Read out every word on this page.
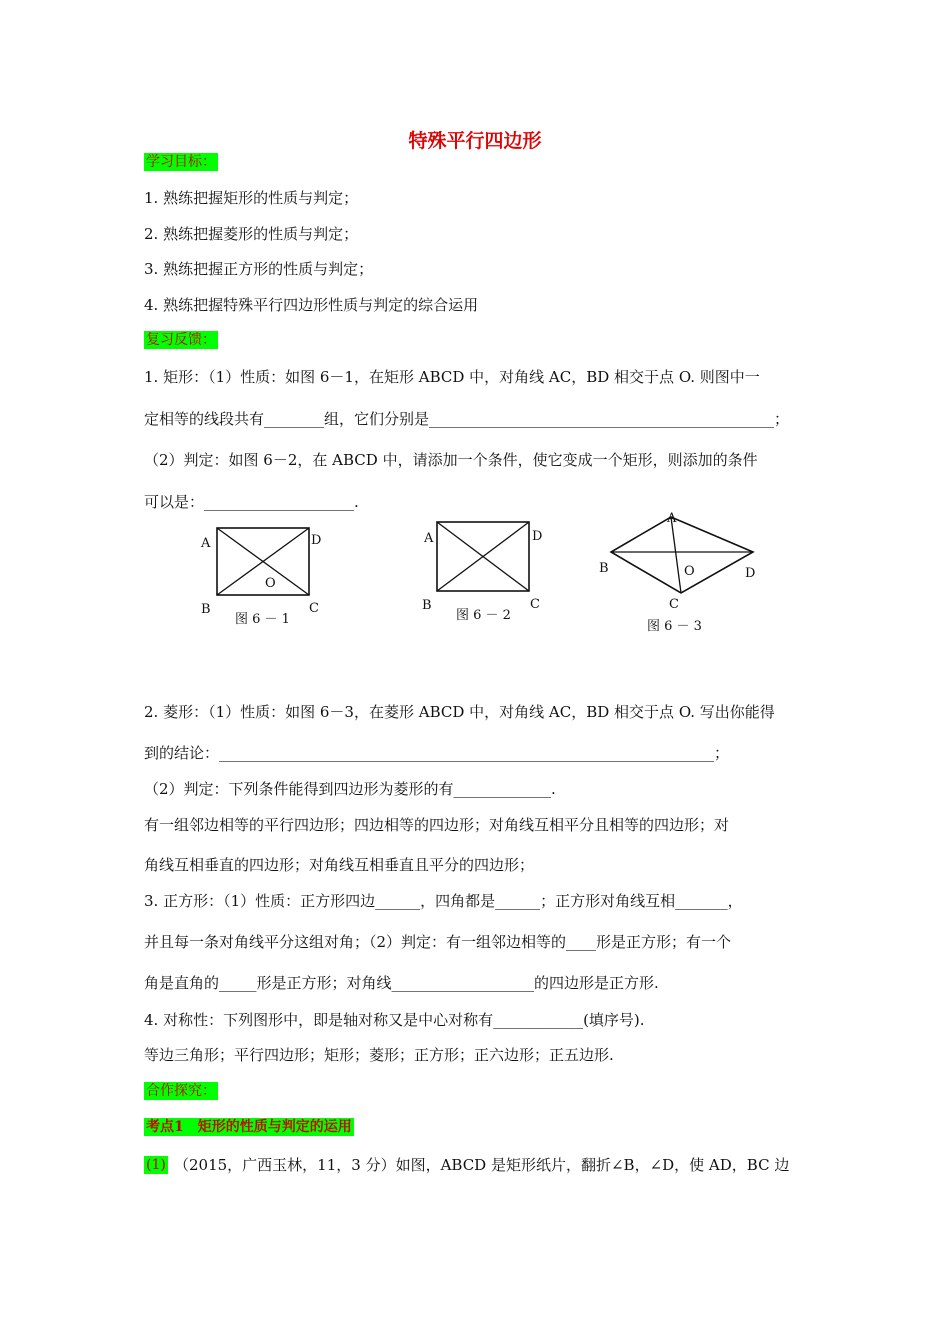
特殊平行四边形
学习目标：
1. 熟练把握矩形的性质与判定；
2. 熟练把握菱形的性质与判定；
3. 熟练把握正方形的性质与判定；
4. 熟练把握特殊平行四边形性质与判定的综合运用
复习反馈：
1. 矩形：（1）性质：如图 6－1，在矩形 ABCD 中，对角线 AC，BD 相交于点 O. 则图中一
定相等的线段共有________组，它们分别是______________________________________________；
（2）判定：如图 6－2，在 ABCD 中，请添加一个条件，使它变成一个矩形，则添加的条件
可以是：____________________.
A	D
B	C
O
图 6 － 1
A	D
B	C
图 6 － 2
A
B	D
O
C
图 6 － 3
2. 菱形：（1）性质：如图 6－3，在菱形 ABCD 中，对角线 AC，BD 相交于点 O. 写出你能得
到的结论：__________________________________________________________________；
（2）判定：下列条件能得到四边形为菱形的有_____________.
有一组邻边相等的平行四边形；四边相等的四边形；对角线互相平分且相等的四边形；对
角线互相垂直的四边形；对角线互相垂直且平分的四边形；
3. 正方形：（1）性质：正方形四边______，四角都是______；正方形对角线互相_______，
并且每一条对角线平分这组对角；（2）判定：有一组邻边相等的____形是正方形；有一个
角是直角的_____形是正方形；对角线___________________的四边形是正方形.
4. 对称性：下列图形中，即是轴对称又是中心对称有____________(填序号).
等边三角形；平行四边形；矩形；菱形；正方形；正六边形；正五边形.
合作探究：
考点1　矩形的性质与判定的运用
(1) （2015，广西玉林，11，3 分）如图，ABCD 是矩形纸片，翻折∠B，∠D，使 AD，BC 边
